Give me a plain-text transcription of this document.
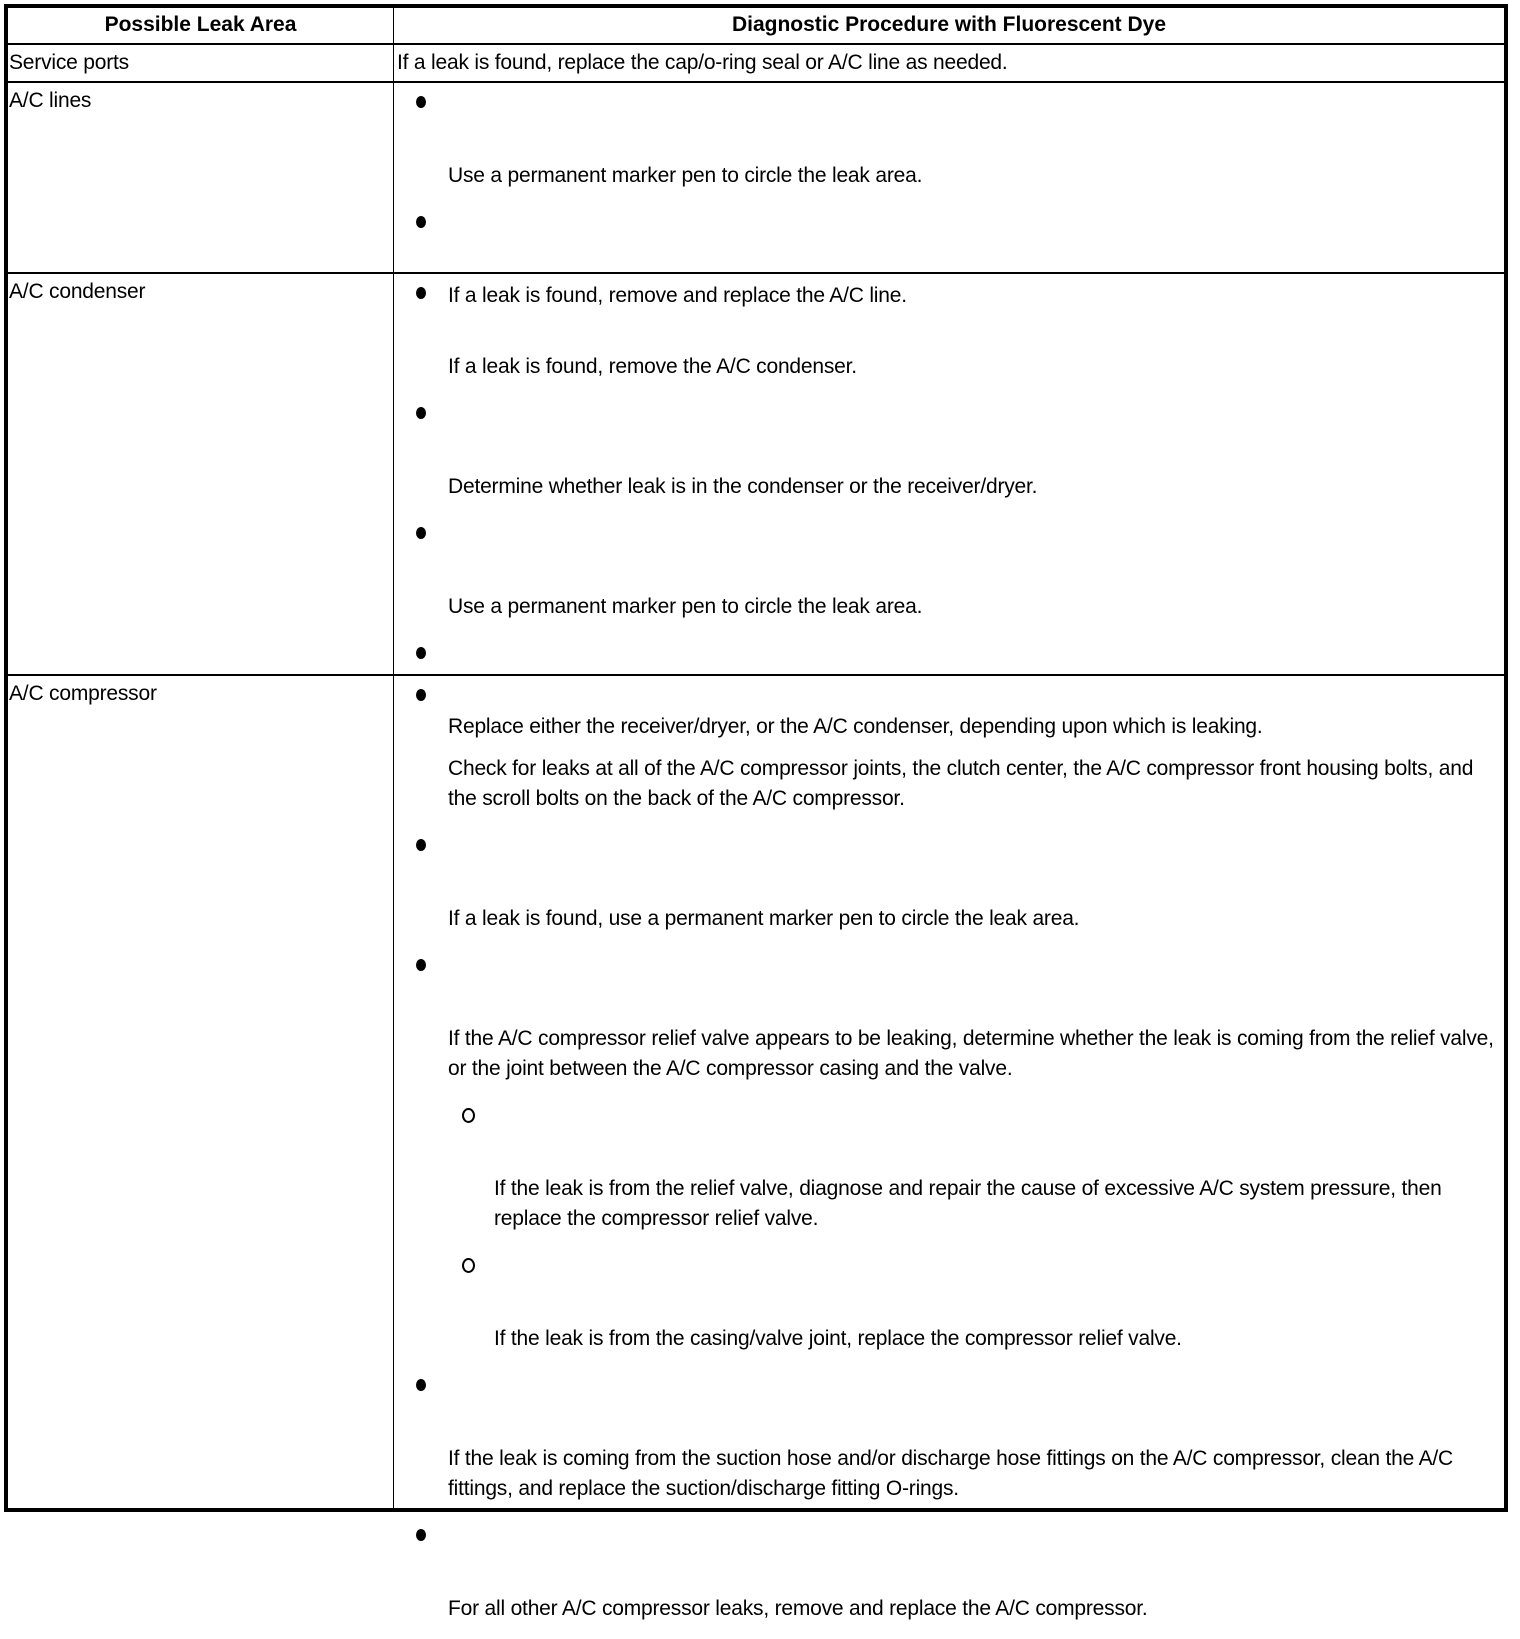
Possible Leak Area	Diagnostic Procedure with Fluorescent Dye
Service ports	If a leak is found, replace the cap/o-ring seal or A/C line as needed.
A/C lines
Use a permanent marker pen to circle the leak area.
If a leak is found, remove and replace the A/C line.
A/C condenser
If a leak is found, remove the A/C condenser.
Determine whether leak is in the condenser or the receiver/dryer.
Use a permanent marker pen to circle the leak area.
Replace either the receiver/dryer, or the A/C condenser, depending upon which is leaking.
A/C compressor
Check for leaks at all of the A/C compressor joints, the clutch center, the A/C compressor front housing bolts, and the scroll bolts on the back of the A/C compressor.
If a leak is found, use a permanent marker pen to circle the leak area.
If the A/C compressor relief valve appears to be leaking, determine whether the leak is coming from the relief valve, or the joint between the A/C compressor casing and the valve.
If the leak is from the relief valve, diagnose and repair the cause of excessive A/C system pressure, then replace the compressor relief valve.
If the leak is from the casing/valve joint, replace the compressor relief valve.
If the leak is coming from the suction hose and/or discharge hose fittings on the A/C compressor, clean the A/C fittings, and replace the suction/discharge fitting O-rings.
For all other A/C compressor leaks, remove and replace the A/C compressor.
